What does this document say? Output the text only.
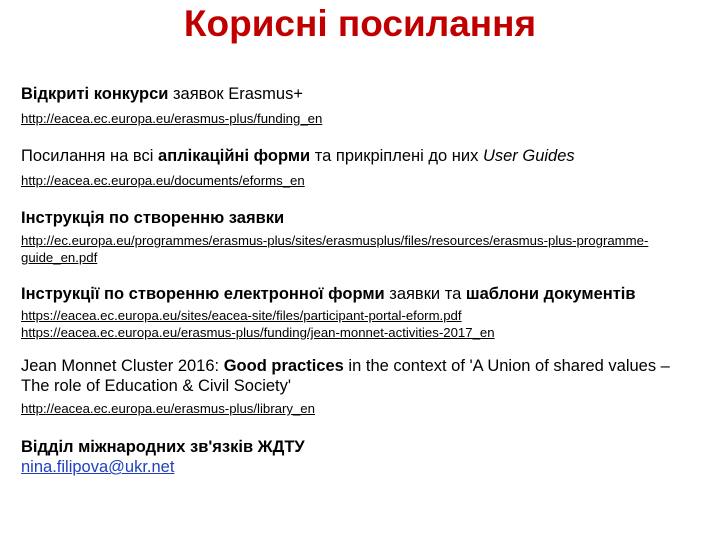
Корисні посилання

Відкриті конкурси заявок Erasmus+

http://eacea.ec.europa.eu/erasmus-plus/funding_en

Посилання на всі аплікаційні форми та прикріплені до них User Guides

http://eacea.ec.europa.eu/documents/eforms_en

Інструкція по створенню заявки

http://ec.europa.eu/programmes/erasmus-plus/sites/erasmusplus/files/resources/erasmus-plus-programme-guide_en.pdf

Інструкції по створенню електронної форми заявки та шаблони документів

https://eacea.ec.europa.eu/sites/eacea-site/files/participant-portal-eform.pdf
https://eacea.ec.europa.eu/erasmus-plus/funding/jean-monnet-activities-2017_en

Jean Monnet Cluster 2016: Good practices in the context of 'A Union of shared values – The role of Education & Civil Society'

http://eacea.ec.europa.eu/erasmus-plus/library_en

Відділ міжнародних зв'язків ЖДТУ

nina.filipova@ukr.net
